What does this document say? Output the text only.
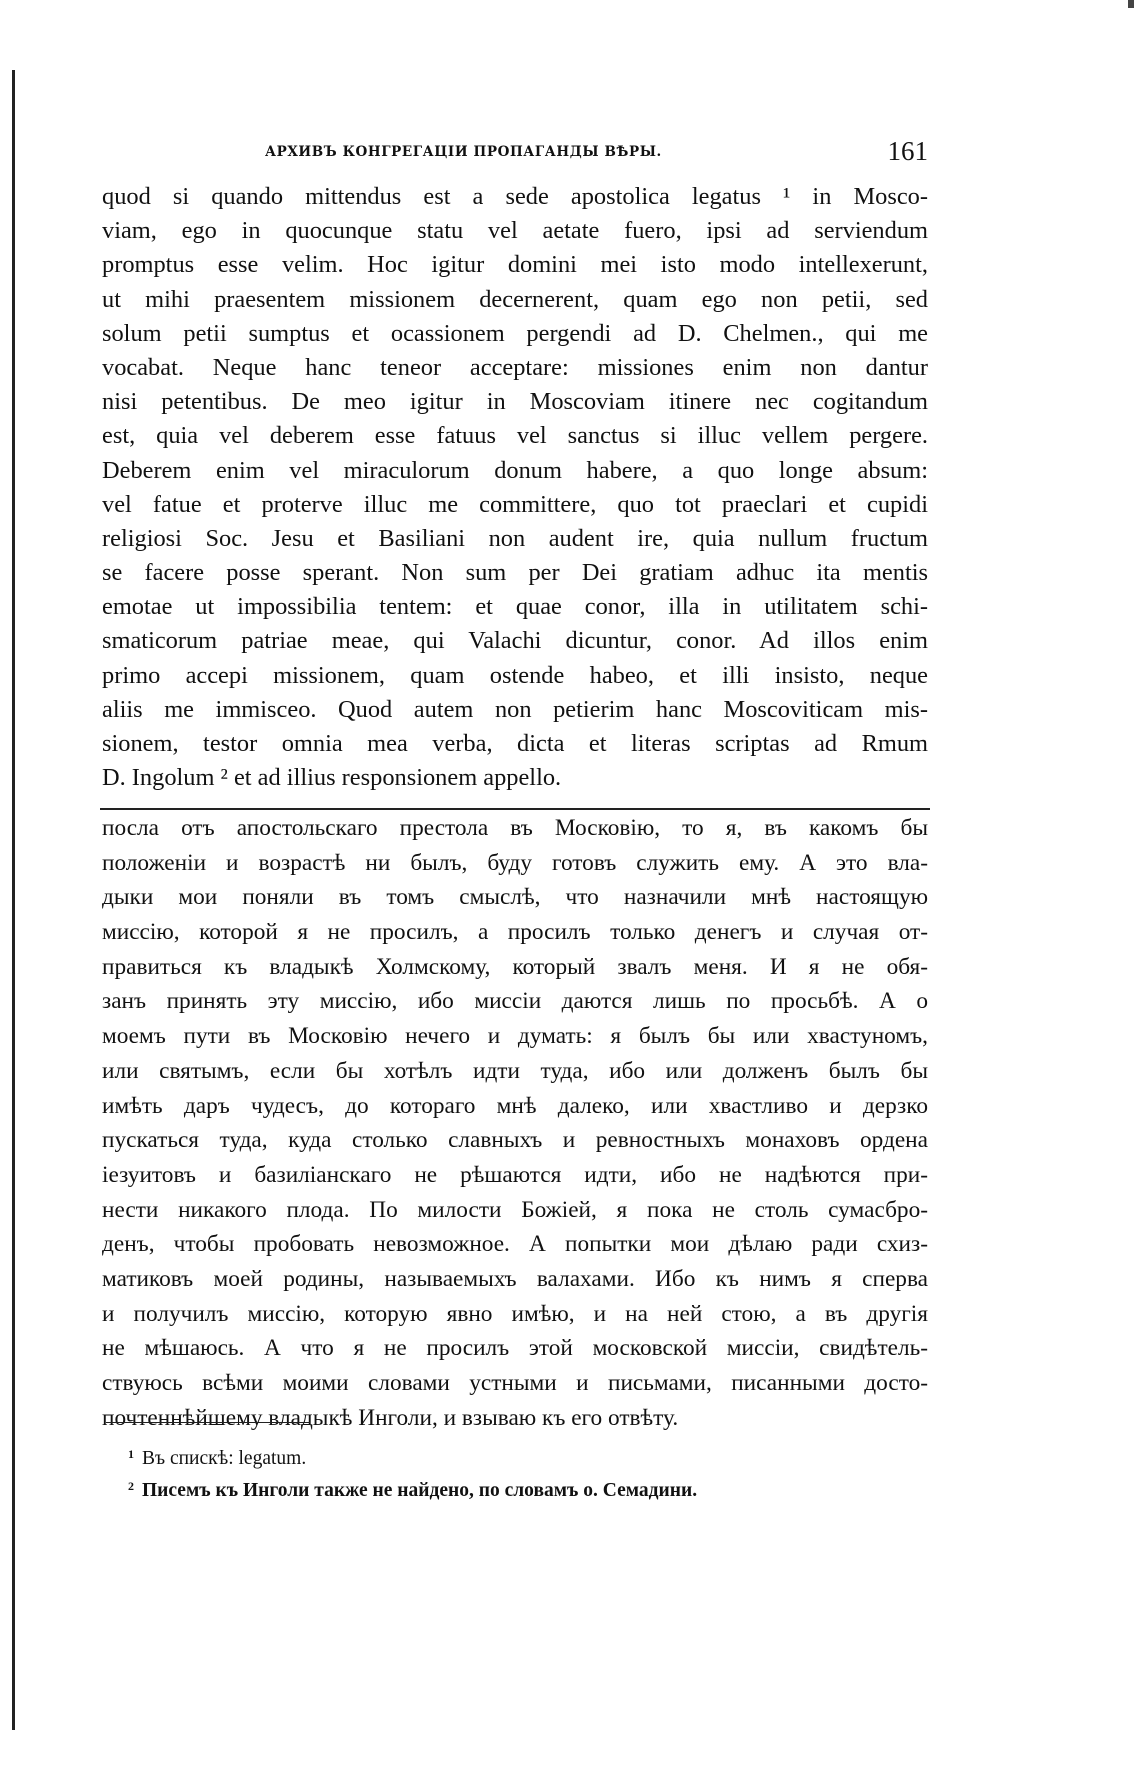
АРХИВЪ КОНГРЕГАЦІИ ПРОПАГАНДЫ ВѢРЫ.	161
quod si quando mittendus est a sede apostolica legatus ¹ in Mosco-
viam, ego in quocunque statu vel aetate fuero, ipsi ad serviendum
promptus esse velim. Hoc igitur domini mei isto modo intellexerunt,
ut mihi praesentem missionem decernerent, quam ego non petii, sed
solum petii sumptus et ocassionem pergendi ad D. Chelmen., qui me
vocabat. Neque hanc teneor acceptare: missiones enim non dantur
nisi petentibus. De meo igitur in Moscoviam itinere nec cogitandum
est, quia vel deberem esse fatuus vel sanctus si illuc vellem pergere.
Deberem enim vel miraculorum donum habere, a quo longe absum:
vel fatue et proterve illuc me committere, quo tot praeclari et cupidi
religiosi Soc. Jesu et Basiliani non audent ire, quia nullum fructum
se facere posse sperant. Non sum per Dei gratiam adhuc ita mentis
emotae ut impossibilia tentem: et quae conor, illa in utilitatem schi-
smaticorum patriae meae, qui Valachi dicuntur, conor. Ad illos enim
primo accepi missionem, quam ostende habeo, et illi insisto, neque
aliis me immisceo. Quod autem non petierim hanc Moscoviticam mis-
sionem, testor omnia mea verba, dicta et literas scriptas ad Rmum
D. Ingolum ² et ad illius responsionem appello.
посла отъ апостольскаго престола въ Московію, то я, въ какомъ бы
положеніи и возрастѣ ни былъ, буду готовъ служить ему. А это вла-
дыки мои поняли въ томъ смыслѣ, что назначили мнѣ настоящую
миссію, которой я не просилъ, а просилъ только денегъ и случая от-
правиться къ владыкѣ Холмскому, который звалъ меня. И я не обя-
занъ принять эту миссію, ибо миссіи даются лишь по просьбѣ. А о
моемъ пути въ Московію нечего и думать: я былъ бы или хвастуномъ,
или святымъ, если бы хотѣлъ идти туда, ибо или долженъ былъ бы
имѣть даръ чудесъ, до котораго мнѣ далеко, или хвастливо и дерзко
пускаться туда, куда столько славныхъ и ревностныхъ монаховъ ордена
іезуитовъ и базиліанскаго не рѣшаются идти, ибо не надѣются при-
нести никакого плода. По милости Божіей, я пока не столь сумасбро-
денъ, чтобы пробовать невозможное. А попытки мои дѣлаю ради схиз-
матиковъ моей родины, называемыхъ валахами. Ибо къ нимъ я сперва
и получилъ миссію, которую явно имѣю, и на ней стою, а въ другія
не мѣшаюсь. А что я не просилъ этой московской миссіи, свидѣтель-
ствуюсь всѣми моими словами устными и письмами, писанными досто-
почтеннѣйшему владыкѣ Инголи, и взываю къ его отвѣту.
$^1$ Въ спискѣ: legatum.
$^2$ Писемъ къ Инголи также не найдено, по словамъ о. Семадини.
